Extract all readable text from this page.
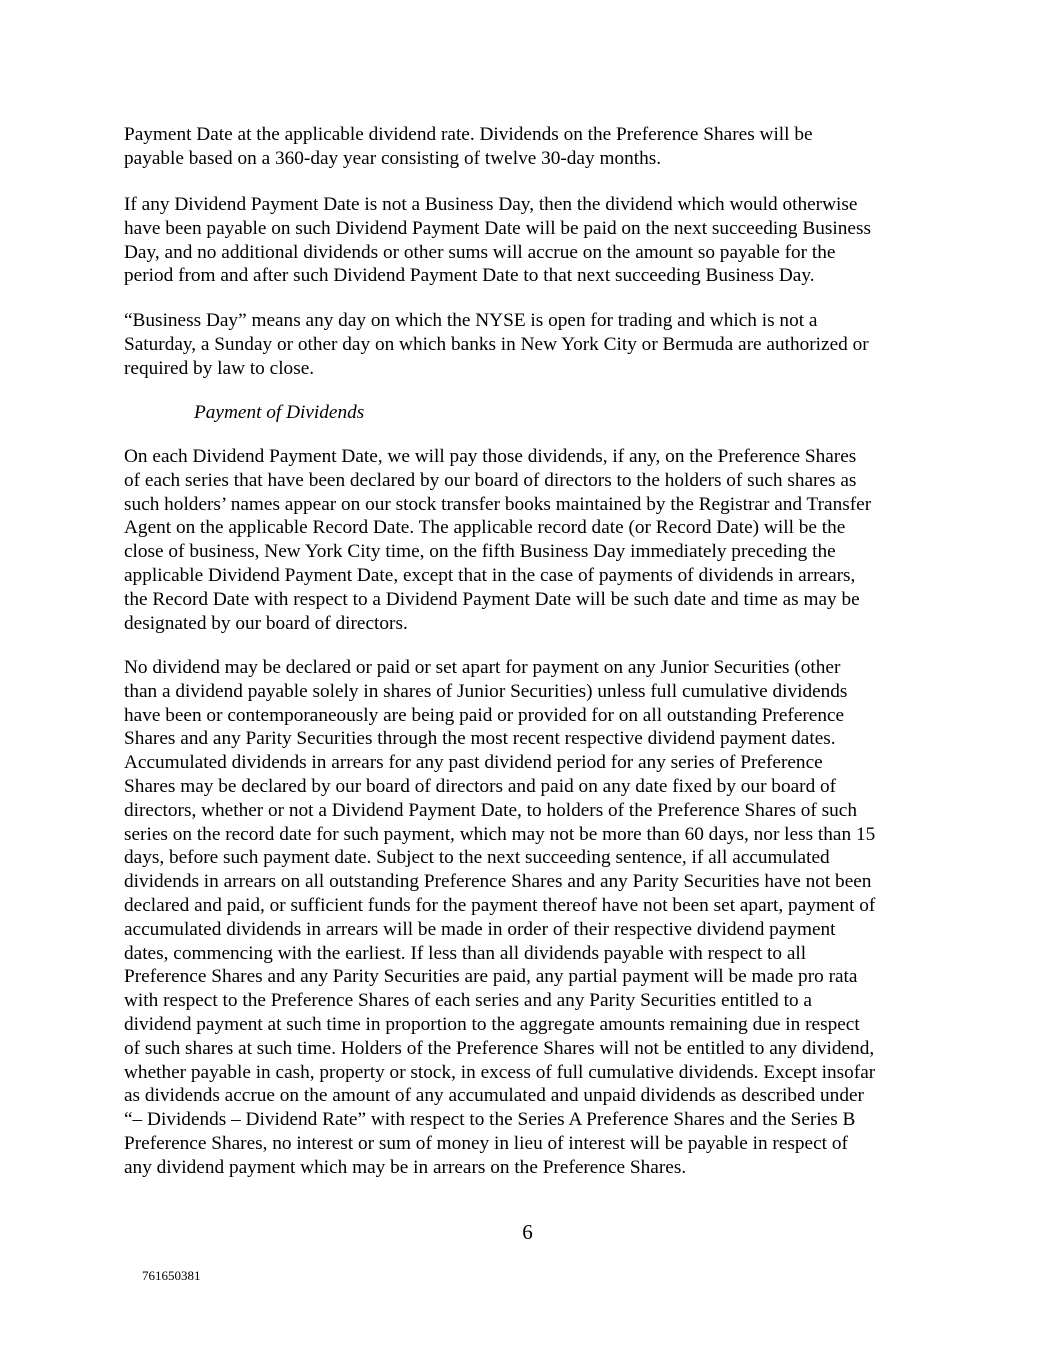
Payment Date at the applicable dividend rate. Dividends on the Preference Shares will be
payable based on a 360-day year consisting of twelve 30-day months.
If any Dividend Payment Date is not a Business Day, then the dividend which would otherwise
have been payable on such Dividend Payment Date will be paid on the next succeeding Business
Day, and no additional dividends or other sums will accrue on the amount so payable for the
period from and after such Dividend Payment Date to that next succeeding Business Day.
“Business Day” means any day on which the NYSE is open for trading and which is not a
Saturday, a Sunday or other day on which banks in New York City or Bermuda are authorized or
required by law to close.
Payment of Dividends
On each Dividend Payment Date, we will pay those dividends, if any, on the Preference Shares
of each series that have been declared by our board of directors to the holders of such shares as
such holders’ names appear on our stock transfer books maintained by the Registrar and Transfer
Agent on the applicable Record Date. The applicable record date (or Record Date) will be the
close of business, New York City time, on the fifth Business Day immediately preceding the
applicable Dividend Payment Date, except that in the case of payments of dividends in arrears,
the Record Date with respect to a Dividend Payment Date will be such date and time as may be
designated by our board of directors.
No dividend may be declared or paid or set apart for payment on any Junior Securities (other
than a dividend payable solely in shares of Junior Securities) unless full cumulative dividends
have been or contemporaneously are being paid or provided for on all outstanding Preference
Shares and any Parity Securities through the most recent respective dividend payment dates.
Accumulated dividends in arrears for any past dividend period for any series of Preference
Shares may be declared by our board of directors and paid on any date fixed by our board of
directors, whether or not a Dividend Payment Date, to holders of the Preference Shares of such
series on the record date for such payment, which may not be more than 60 days, nor less than 15
days, before such payment date. Subject to the next succeeding sentence, if all accumulated
dividends in arrears on all outstanding Preference Shares and any Parity Securities have not been
declared and paid, or sufficient funds for the payment thereof have not been set apart, payment of
accumulated dividends in arrears will be made in order of their respective dividend payment
dates, commencing with the earliest. If less than all dividends payable with respect to all
Preference Shares and any Parity Securities are paid, any partial payment will be made pro rata
with respect to the Preference Shares of each series and any Parity Securities entitled to a
dividend payment at such time in proportion to the aggregate amounts remaining due in respect
of such shares at such time. Holders of the Preference Shares will not be entitled to any dividend,
whether payable in cash, property or stock, in excess of full cumulative dividends. Except insofar
as dividends accrue on the amount of any accumulated and unpaid dividends as described under
“– Dividends – Dividend Rate” with respect to the Series A Preference Shares and the Series B
Preference Shares, no interest or sum of money in lieu of interest will be payable in respect of
any dividend payment which may be in arrears on the Preference Shares.
6
761650381
